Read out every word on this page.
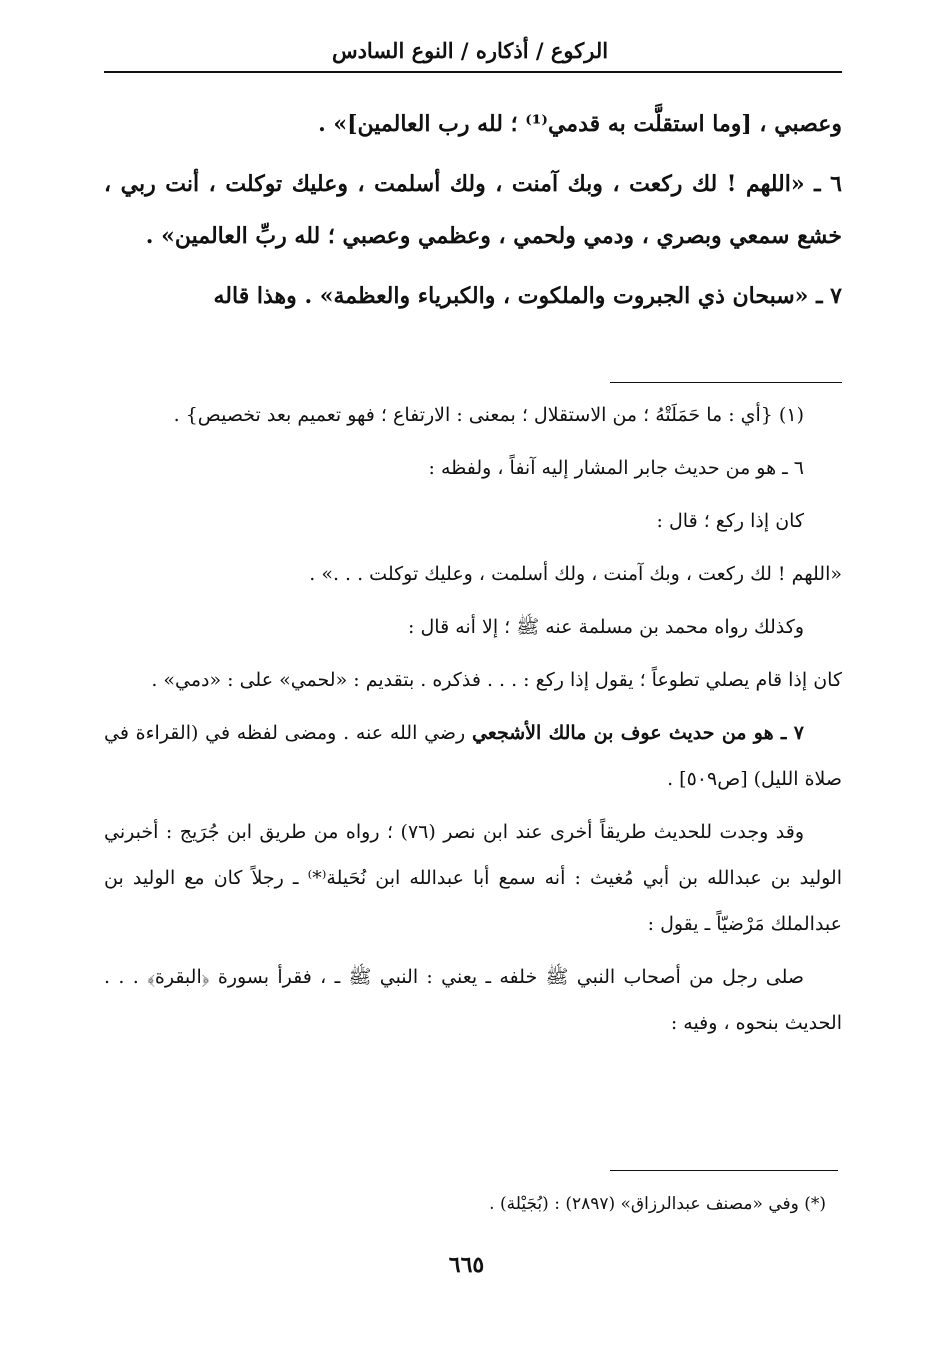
الركوع / أذكاره / النوع السادس

وعصبي ، [وما استقلَّت به قدمي⁽¹⁾ ؛ لله رب العالمين]» .

٦ ـ «اللهم ! لك ركعت ، وبك آمنت ، ولك أسلمت ، وعليك توكلت ، أنت ربي ، خشع سمعي وبصري ، ودمي ولحمي ، وعظمي وعصبي ؛ لله ربِّ العالمين» .

٧ ـ «سبحان ذي الجبروت والملكوت ، والكبرياء والعظمة» . وهذا قاله

(١) {أي : ما حَمَلَتْهُ ؛ من الاستقلال ؛ بمعنى : الارتفاع ؛ فهو تعميم بعد تخصيص} .

٦ ـ هو من حديث جابر المشار إليه آنفاً ، ولفظه :

كان إذا ركع ؛ قال :

«اللهم ! لك ركعت ، وبك آمنت ، ولك أسلمت ، وعليك توكلت . . .» .

وكذلك رواه محمد بن مسلمة عنه ﷺ ؛ إلا أنه قال :

كان إذا قام يصلي تطوعاً ؛ يقول إذا ركع : . . . فذكره . بتقديم : «لحمي» على : «دمي» .

٧ ـ هو من حديث عوف بن مالك الأشجعي رضي الله عنه . ومضى لفظه في (القراءة في صلاة الليل) [ص٥٠٩] .

وقد وجدت للحديث طريقاً أخرى عند ابن نصر (٧٦) ؛ رواه من طريق ابن جُرَيج : أخبرني الوليد بن عبدالله بن أبي مُغيث : أنه سمع أبا عبدالله ابن نُحَيلة⁽*⁾ ـ رجلاً كان مع الوليد بن عبدالملك مَرْضيّاً ـ يقول :

صلى رجل من أصحاب النبي ﷺ خلفه ـ يعني : النبي ﷺ ـ ، فقرأ بسورة ﴿البقرة﴾ . . . الحديث بنحوه ، وفيه :

(*) وفي «مصنف عبدالرزاق» (٢٨٩٧) : (بُجَيْلة) .
٦٦٥
